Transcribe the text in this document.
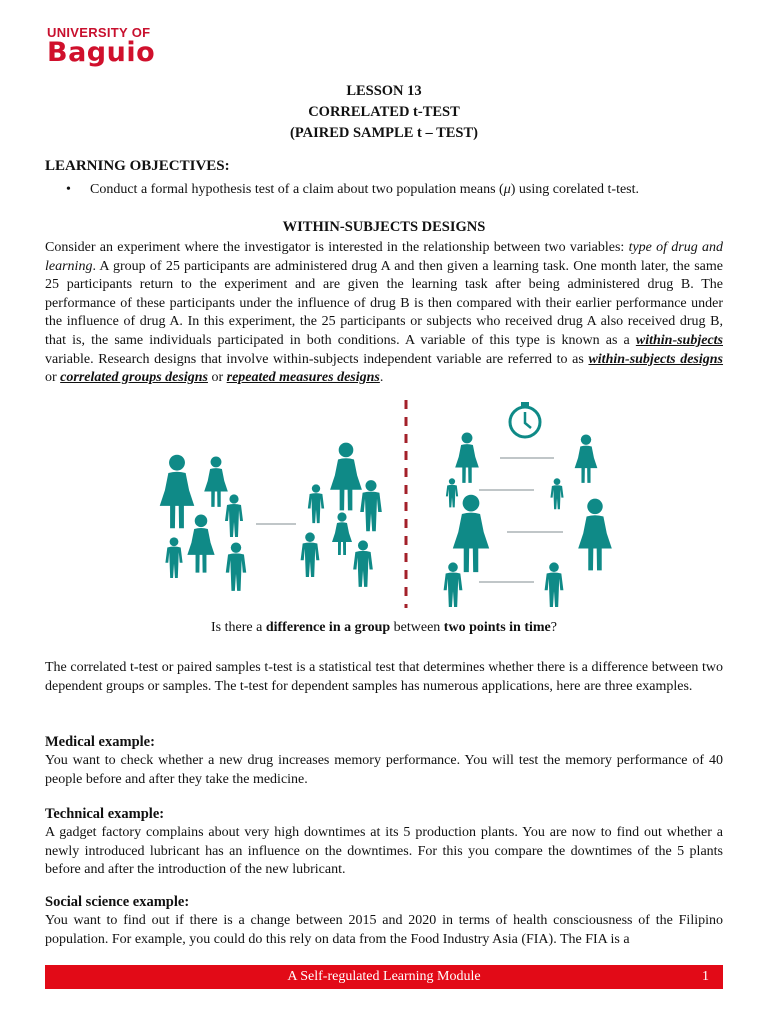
UNIVERSITY OF
Baguio
LESSON 13
CORRELATED t-TEST
(PAIRED SAMPLE t – TEST)
LEARNING OBJECTIVES:
• Conduct a formal hypothesis test of a claim about two population means (μ) using corelated t-test.
WITHIN-SUBJECTS DESIGNS

Consider an experiment where the investigator is interested in the relationship between two variables: type of drug and learning. A group of 25 participants are administered drug A and then given a learning task. One month later, the same 25 participants return to the experiment and are given the learning task after being administered drug B. The performance of these participants under the influence of drug B is then compared with their earlier performance under the influence of drug A. In this experiment, the 25 participants or subjects who received drug A also received drug B, that is, the same individuals participated in both conditions. A variable of this type is known as a within-subjects variable. Research designs that involve within-subjects independent variable are referred to as within-subjects designs or correlated groups designs or repeated measures designs.

Is there a difference in a group between two points in time?

The correlated t-test or paired samples t-test is a statistical test that determines whether there is a difference between two dependent groups or samples. The t-test for dependent samples has numerous applications, here are three examples.

Medical example:

You want to check whether a new drug increases memory performance. You will test the memory performance of 40 people before and after they take the medicine.

Technical example:

A gadget factory complains about very high downtimes at its 5 production plants. You are now to find out whether a newly introduced lubricant has an influence on the downtimes. For this you compare the downtimes of the 5 plants before and after the introduction of the new lubricant.

Social science example:

You want to find out if there is a change between 2015 and 2020 in terms of health consciousness of the Filipino population. For example, you could do this rely on data from the Food Industry Asia (FIA). The FIA is a

A Self-regulated Learning Module	1
